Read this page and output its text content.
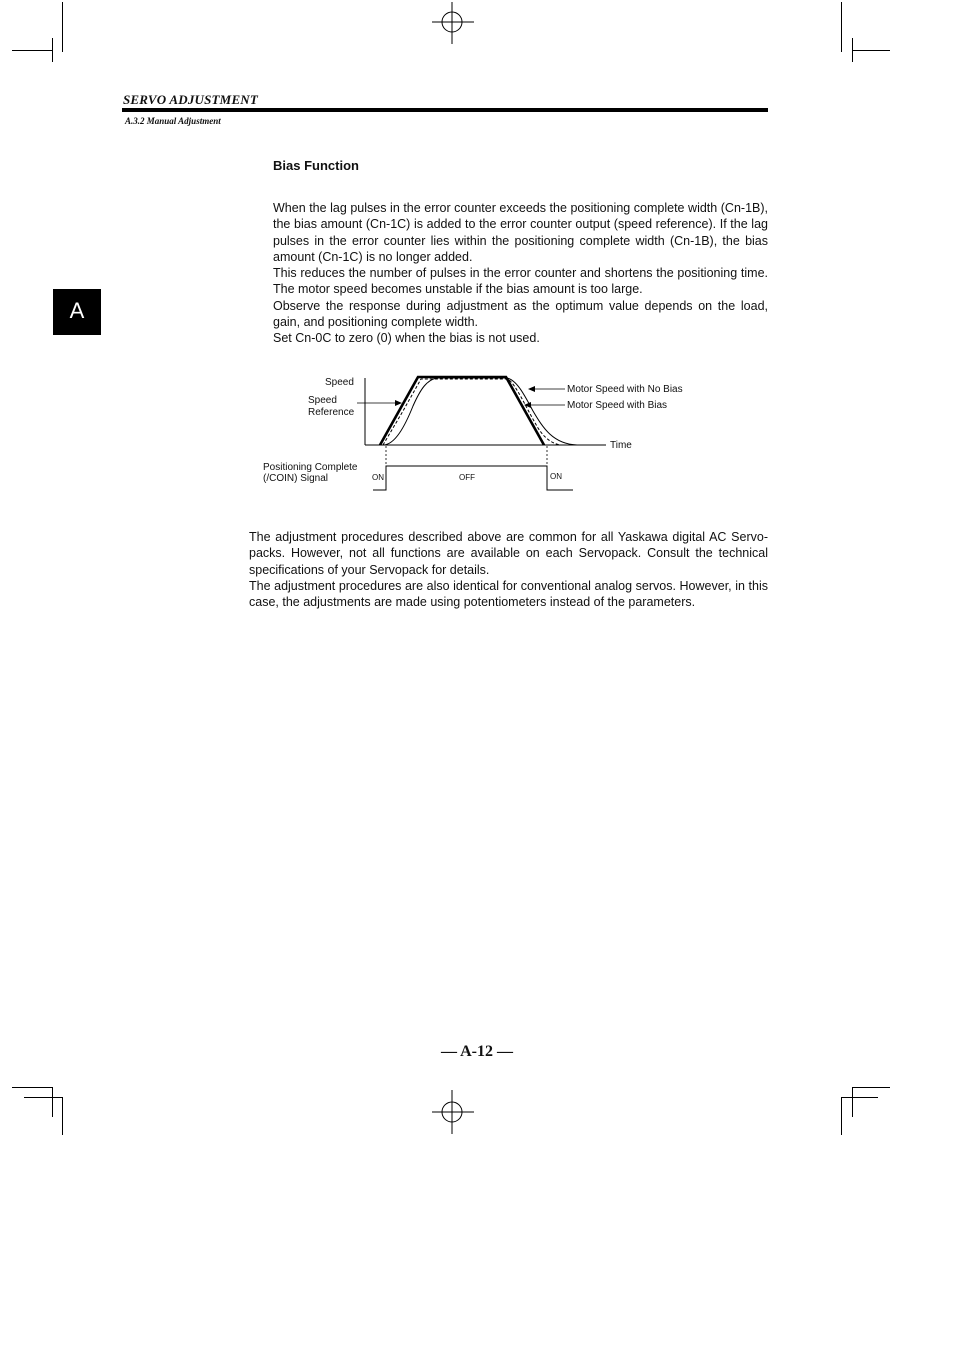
SERVO ADJUSTMENT
A.3.2 Manual Adjustment
A
Bias Function

When the lag pulses in the error counter exceeds the positioning complete width (Cn-1B), the bias amount (Cn-1C) is added to the error counter output (speed reference). If the lag pulses in the error counter lies within the positioning complete width (Cn-1B), the bias amount (Cn-1C) is no longer added.

This reduces the number of pulses in the error counter and shortens the positioning time. The motor speed becomes unstable if the bias amount is too large.

Observe the response during adjustment as the optimum value depends on the load, gain, and positioning complete width.

Set Cn-0C to zero (0) when the bias is not used.

Speed
Speed
Reference
Motor Speed with No Bias
Motor Speed with Bias
Time
Positioning Complete
(/COIN) Signal	ON	OFF	ON

The adjustment procedures described above are common for all Yaskawa digital AC Servo-packs. However, not all functions are available on each Servopack. Consult the technical specifications of your Servopack for details.

The adjustment procedures are also identical for conventional analog servos. However, in this case, the adjustments are made using potentiometers instead of the parameters.

— A-12 —
